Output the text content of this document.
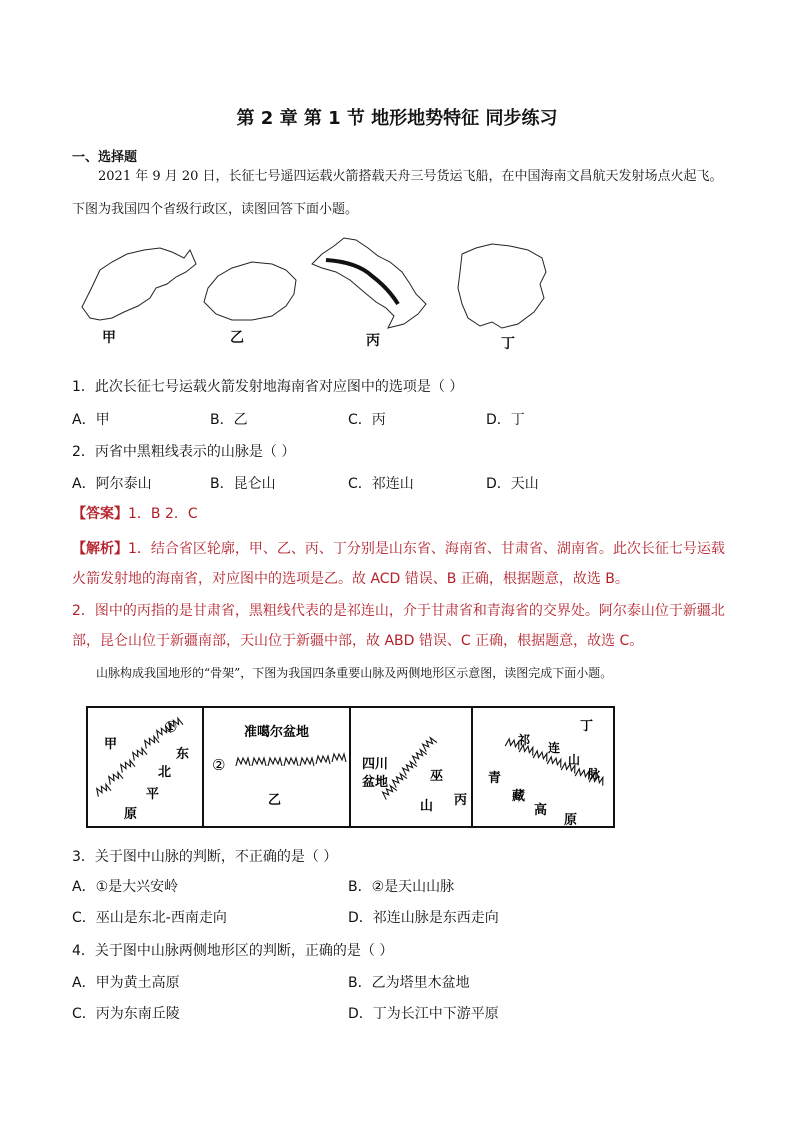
第 2 章 第 1 节 地形地势特征 同步练习
一、选择题
2021 年 9 月 20 日，长征七号遥四运载火箭搭载天舟三号货运飞船，在中国海南文昌航天发射场点火起飞。下图为我国四个省级行政区，读图回答下面小题。
甲	乙	丙	丁
1．此次长征七号运载火箭发射地海南省对应图中的选项是（ ）
A．甲	B．乙	C．丙	D．丁
2．丙省中黑粗线表示的山脉是（ ）
A．阿尔泰山	B．昆仑山	C．祁连山	D．天山
【答案】1．B 2．C
【解析】1．结合省区轮廓，甲、乙、丙、丁分别是山东省、海南省、甘肃省、湖南省。此次长征七号运载火箭发射地的海南省，对应图中的选项是乙。故 ACD 错误、B 正确，根据题意，故选 B。
2．图中的丙指的是甘肃省，黑粗线代表的是祁连山，介于甘肃省和青海省的交界处。阿尔泰山位于新疆北部，昆仑山位于新疆南部，天山位于新疆中部，故 ABD 错误、C 正确，根据题意，故选 C。
山脉构成我国地形的“骨架”，下图为我国四条重要山脉及两侧地形区示意图，读图完成下面小题。
甲
①
东
北
平
原
准噶尔盆地
②
乙
四川
盆地	巫
山 丙
丁
祁
连
山
脉
青
藏
高
原
3．关于图中山脉的判断，不正确的是（ ）
A．①是大兴安岭	B．②是天山山脉
C．巫山是东北-西南走向	D．祁连山脉是东西走向
4．关于图中山脉两侧地形区的判断，正确的是（ ）
A．甲为黄土高原	B．乙为塔里木盆地
C．丙为东南丘陵	D．丁为长江中下游平原
